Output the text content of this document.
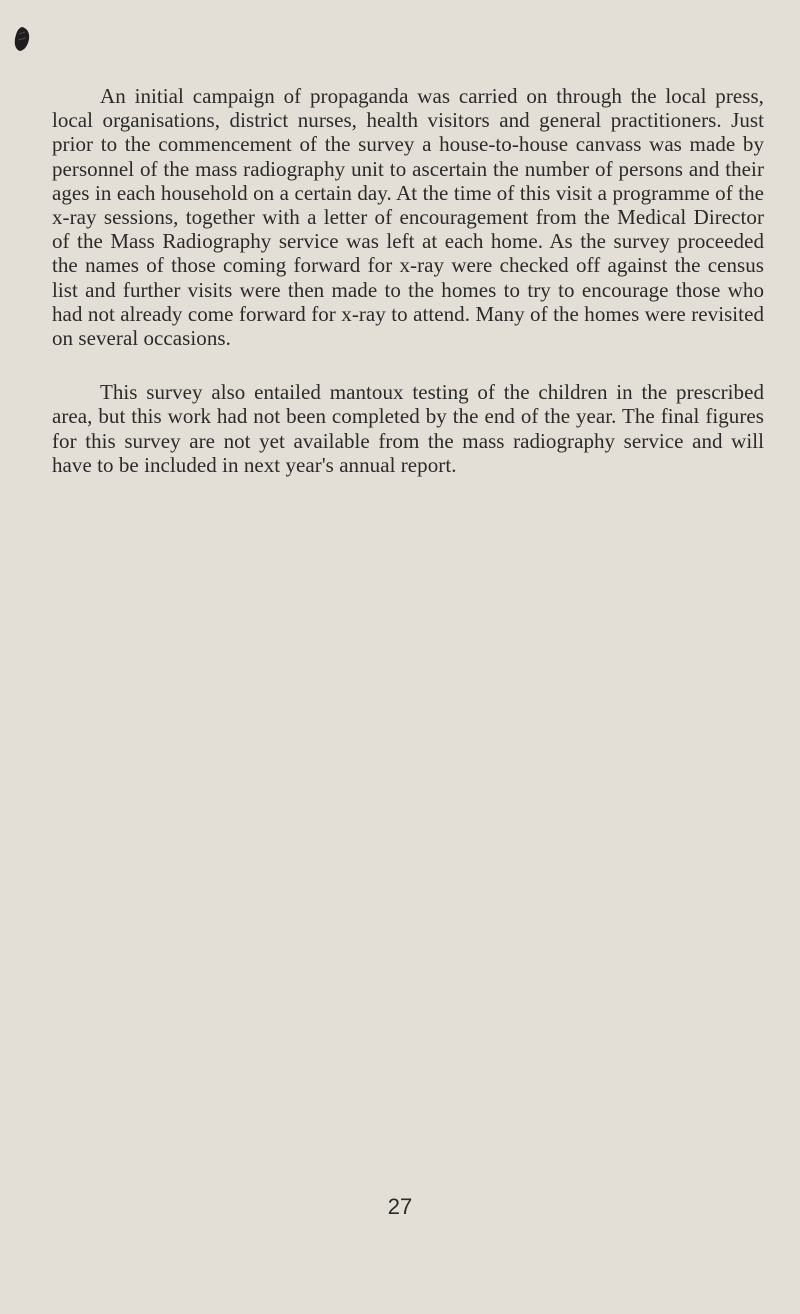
An initial campaign of propaganda was carried on through the local press, local organisations, district nurses, health visitors and general practitioners. Just prior to the commencement of the survey a house-to-house canvass was made by personnel of the mass radiography unit to ascertain the number of persons and their ages in each household on a certain day. At the time of this visit a programme of the x-ray sessions, together with a letter of encouragement from the Medical Director of the Mass Radiography service was left at each home. As the survey proceeded the names of those coming forward for x-ray were checked off against the census list and further visits were then made to the homes to try to encourage those who had not already come forward for x-ray to attend. Many of the homes were revisited on several occasions.

This survey also entailed mantoux testing of the children in the prescribed area, but this work had not been completed by the end of the year. The final figures for this survey are not yet available from the mass radiography service and will have to be included in next year's annual report.

27
